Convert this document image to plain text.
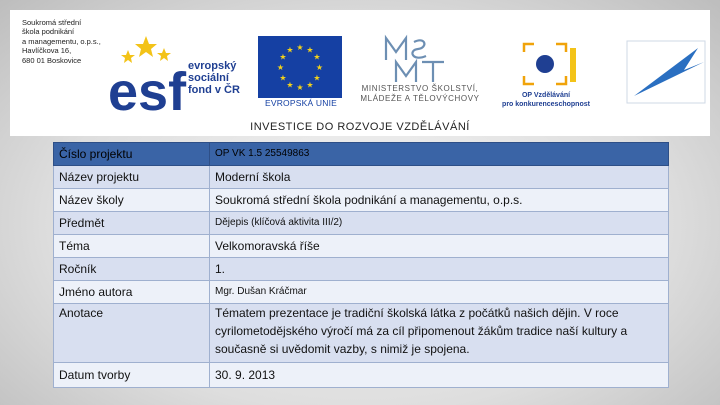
Soukromá střední
škola podnikání
a managementu, o.p.s.,
Havlíčkova 16,
680 01 Boskovice
esf evropský
sociální
fond v ČR
★ ★
★
★
★
★
★
★
★
★
★
★
EVROPSKÁ UNIE
MINISTERSTVO ŠKOLSTVÍ,
MLÁDEŽE A TĚLOVÝCHOVY	OP Vzdělávání
pro konkurenceschopnost
INVESTICE DO ROZVOJE VZDĚLÁVÁNÍ
Číslo projektu	OP VK 1.5 25549863
Název projektu	Moderní škola
Název školy	Soukromá střední škola podnikání a managementu, o.p.s.
Předmět	Dějepis (klíčová aktivita III/2)
Téma	Velkomoravská říše
Ročník	1.
Jméno autora	Mgr. Dušan Kráčmar
Anotace	Tématem prezentace je tradiční školská látka z počátků našich dějin. V roce
cyrilometodějského výročí má za cíl připomenout žákům tradice naší kultury a
současně si uvědomit vazby, s nimiž je spojena.

Datum tvorby	30. 9. 2013
